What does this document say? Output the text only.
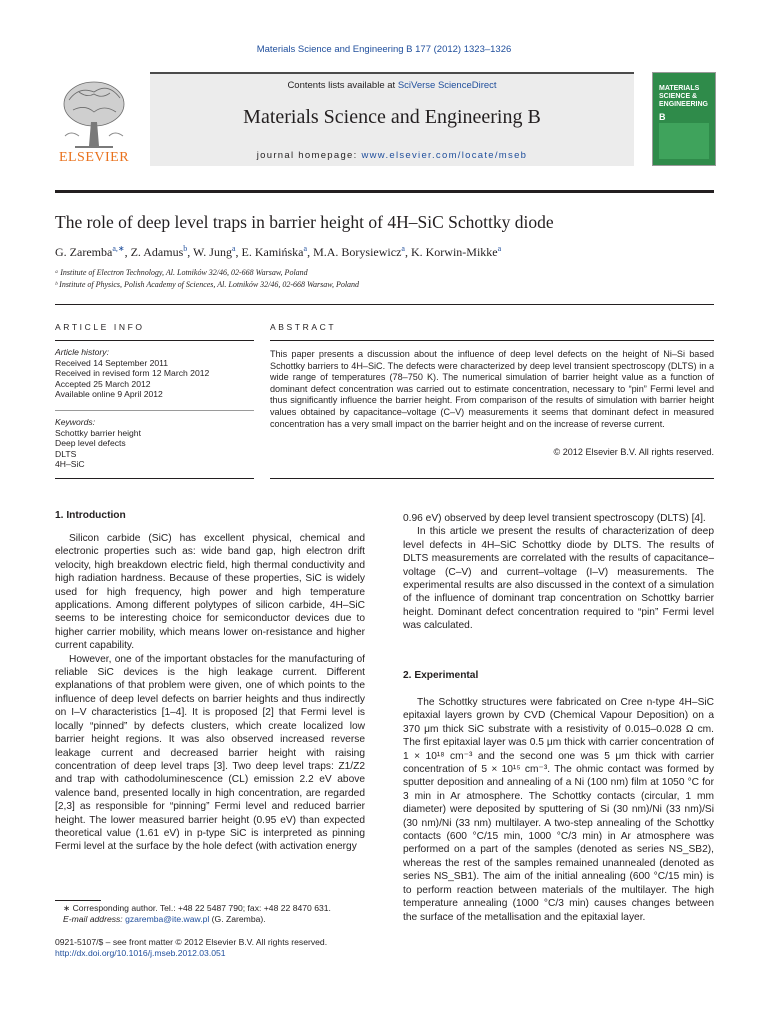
Materials Science and Engineering B 177 (2012) 1323–1326
ELSEVIER
Contents lists available at SciVerse ScienceDirect
Materials Science and Engineering B
journal homepage: www.elsevier.com/locate/mseb
MATERIALS
SCIENCE &
ENGINEERING
B
The role of deep level traps in barrier height of 4H–SiC Schottky diode
G. Zaremba$^{a,∗}$, Z. Adamus$^b$, W. Jung$^a$, E. Kamińska$^a$, M.A. Borysiewicz$^a$, K. Korwin-Mikke$^a$
ᵃ Institute of Electron Technology, Al. Lotników 32/46, 02-668 Warsaw, Poland
ᵇ Institute of Physics, Polish Academy of Sciences, Al. Lotników 32/46, 02-668 Warsaw, Poland
ARTICLE INFO
Article history:
Received 14 September 2011
Received in revised form 12 March 2012
Accepted 25 March 2012
Available online 9 April 2012
Keywords:
Schottky barrier height
Deep level defects
DLTS
4H–SiC
ABSTRACT
This paper presents a discussion about the influence of deep level defects on the height of Ni–Si based Schottky barriers to 4H–SiC. The defects were characterized by deep level transient spectroscopy (DLTS) in a wide range of temperatures (78–750 K). The numerical simulation of barrier height value as a function of dominant defect concentration was carried out to estimate concentration, necessary to “pin” Fermi level and thus significantly influence the barrier height. From comparison of the results of simulation with barrier height values obtained by capacitance–voltage (C–V) measurements it seems that dominant defect in measured concentration has a very small impact on the barrier height and on the increase of reverse current.
© 2012 Elsevier B.V. All rights reserved.
1. Introduction

Silicon carbide (SiC) has excellent physical, chemical and electronic properties such as: wide band gap, high electron drift velocity, high breakdown electric field, high thermal conductivity and high radiation hardness. Because of these properties, SiC is widely used for high frequency, high power and high temperature applications. Among different polytypes of silicon carbide, 4H–SiC seems to be interesting choice for semiconductor devices due to higher carrier mobility, which means lower on-resistance and higher current capability.

However, one of the important obstacles for the manufacturing of reliable SiC devices is the high leakage current. Different explanations of that problem were given, one of which points to the influence of deep level defects on barrier heights and thus indirectly on I–V characteristics [1–4]. It is proposed [2] that Fermi level is locally “pinned” by defects clusters, which create localized low barrier height regions. It was also observed increased reverse leakage current and decreased barrier height with raising concentration of deep level traps [3]. Two deep level traps: Z1/Z2 and trap with cathodoluminescence (CL) emission 2.2 eV above valence band, presented locally in high concentration, are regarded [2,3] as responsible for “pinning” Fermi level and reduced barrier height. The lower measured barrier height (0.95 eV) than expected theoretical value (1.61 eV) in p-type SiC is interpreted as pinning Fermi level at the surface by the hole defect (with activation energy

0.96 eV) observed by deep level transient spectroscopy (DLTS) [4].

In this article we present the results of characterization of deep level defects in 4H–SiC Schottky diode by DLTS. The results of DLTS measurements are correlated with the results of capacitance–voltage (C–V) and current–voltage (I–V) measurements. The experimental results are also discussed in the context of a simulation of the influence of dominant trap concentration on Schottky barrier height. Dominant defect concentration required to “pin” Fermi level was calculated.

2. Experimental

The Schottky structures were fabricated on Cree n-type 4H–SiC epitaxial layers grown by CVD (Chemical Vapour Deposition) on a 370 μm thick SiC substrate with a resistivity of 0.015–0.028 Ω cm. The first epitaxial layer was 0.5 μm thick with carrier concentration of 1 × 10¹⁸ cm⁻³ and the second one was 5 μm thick with carrier concentration of 5 × 10¹⁵ cm⁻³. The ohmic contact was formed by sputter deposition and annealing of a Ni (100 nm) film at 1050 °C for 3 min in Ar atmosphere. The Schottky contacts (circular, 1 mm diameter) were deposited by sputtering of Si (30 nm)/Ni (33 nm)/Si (30 nm)/Ni (33 nm) multilayer. A two-step annealing of the Schottky contacts (600 °C/15 min, 1000 °C/3 min) in Ar atmosphere was performed on a part of the samples (denoted as series NS_SB2), whereas the rest of the samples remained unannealed (denoted as series NS_SB1). The aim of the initial annealing (600 °C/15 min) is to perform reaction between materials of the multilayer. The high temperature annealing (1000 °C/3 min) causes changes between the surface of the metallisation and the epitaxial layer.

∗ Corresponding author. Tel.: +48 22 5487 790; fax: +48 22 8470 631.
E-mail address: gzaremba@ite.waw.pl (G. Zaremba).
0921-5107/$ – see front matter © 2012 Elsevier B.V. All rights reserved.
http://dx.doi.org/10.1016/j.mseb.2012.03.051
